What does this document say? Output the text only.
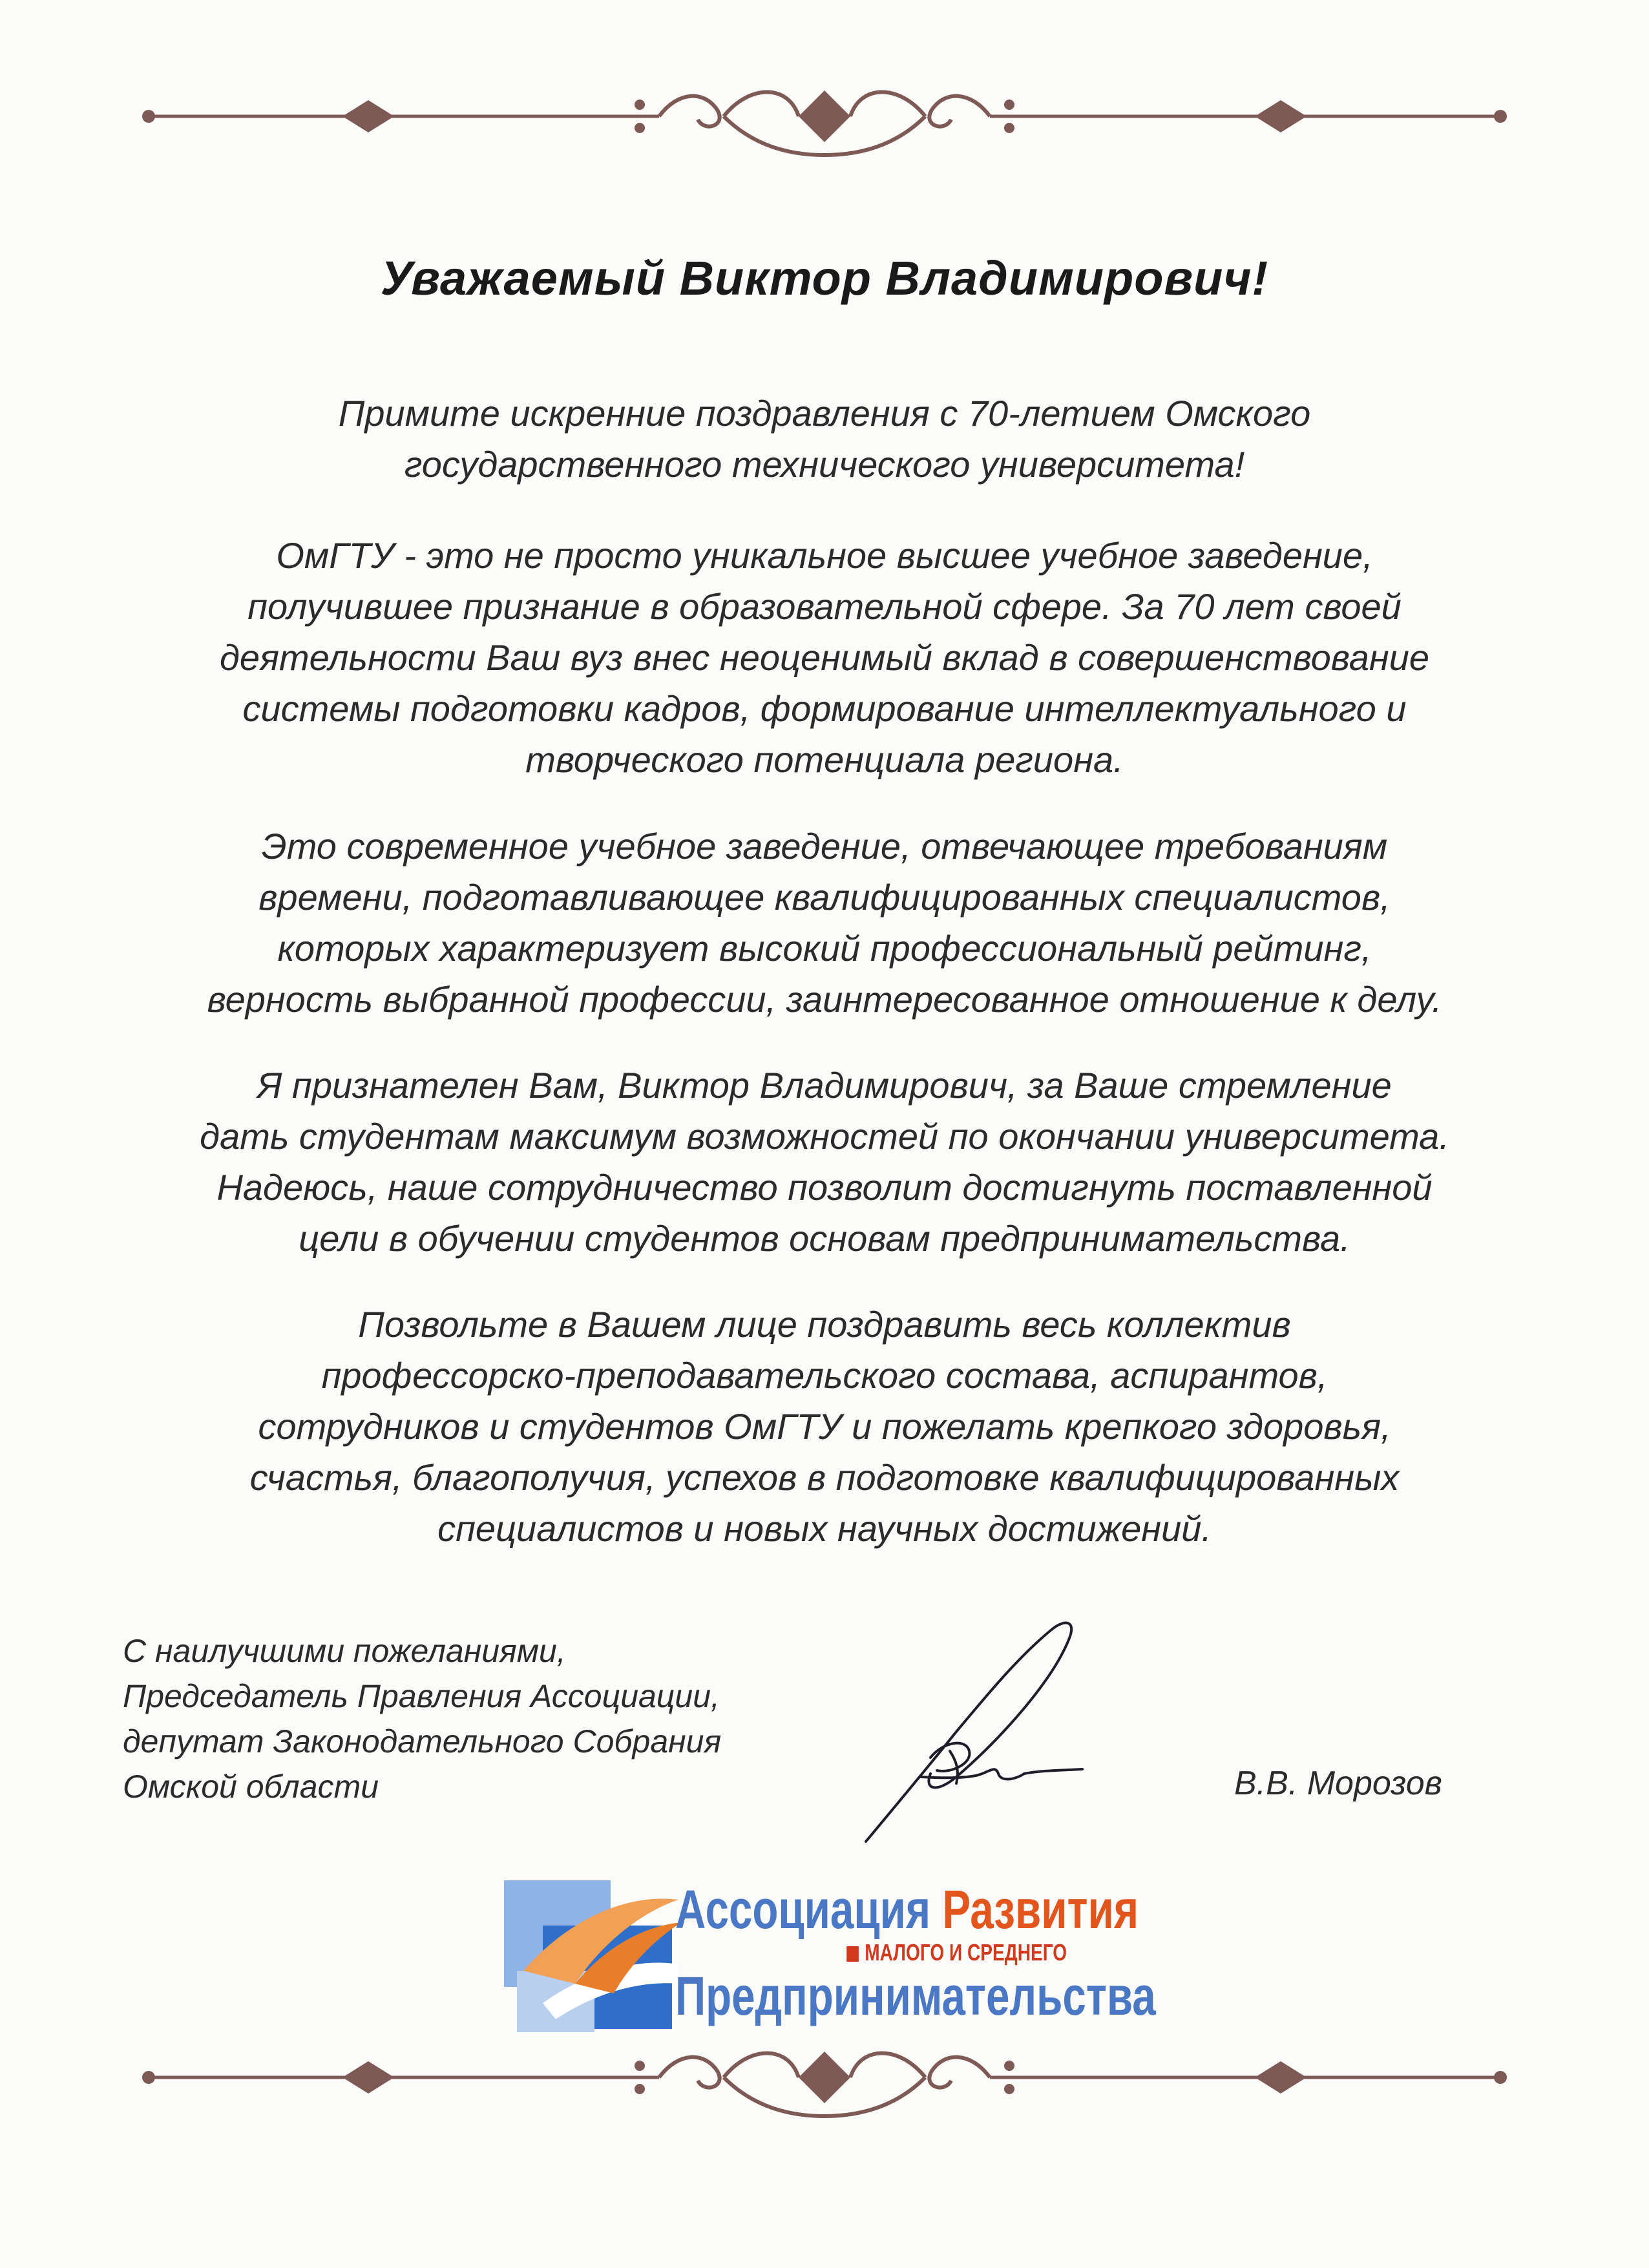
Уважаемый Виктор Владимирович!
Примите искренние поздравления с 70-летием Омского
государственного технического университета!
ОмГТУ - это не просто уникальное высшее учебное заведение,
получившее признание в образовательной сфере. За 70 лет своей
деятельности Ваш вуз внес неоценимый вклад в совершенствование
системы подготовки кадров, формирование интеллектуального и
творческого потенциала региона.
Это современное учебное заведение, отвечающее требованиям
времени, подготавливающее квалифицированных специалистов,
которых характеризует высокий профессиональный рейтинг,
верность выбранной профессии, заинтересованное отношение к делу.
Я признателен Вам, Виктор Владимирович, за Ваше стремление
дать студентам максимум возможностей по окончании университета.
Надеюсь, наше сотрудничество позволит достигнуть поставленной
цели в обучении студентов основам предпринимательства.
Позвольте в Вашем лице поздравить весь коллектив
профессорско-преподавательского состава, аспирантов,
сотрудников и студентов ОмГТУ и пожелать крепкого здоровья,
счастья, благополучия, успехов в подготовке квалифицированных
специалистов и новых научных достижений.
С наилучшими пожеланиями,
Председатель Правления Ассоциации,
депутат Законодательного Собрания
Омской области	В.В. Морозов
Ассоциация Развития
МАЛОГО И СРЕДНЕГО
Предпринимательства
